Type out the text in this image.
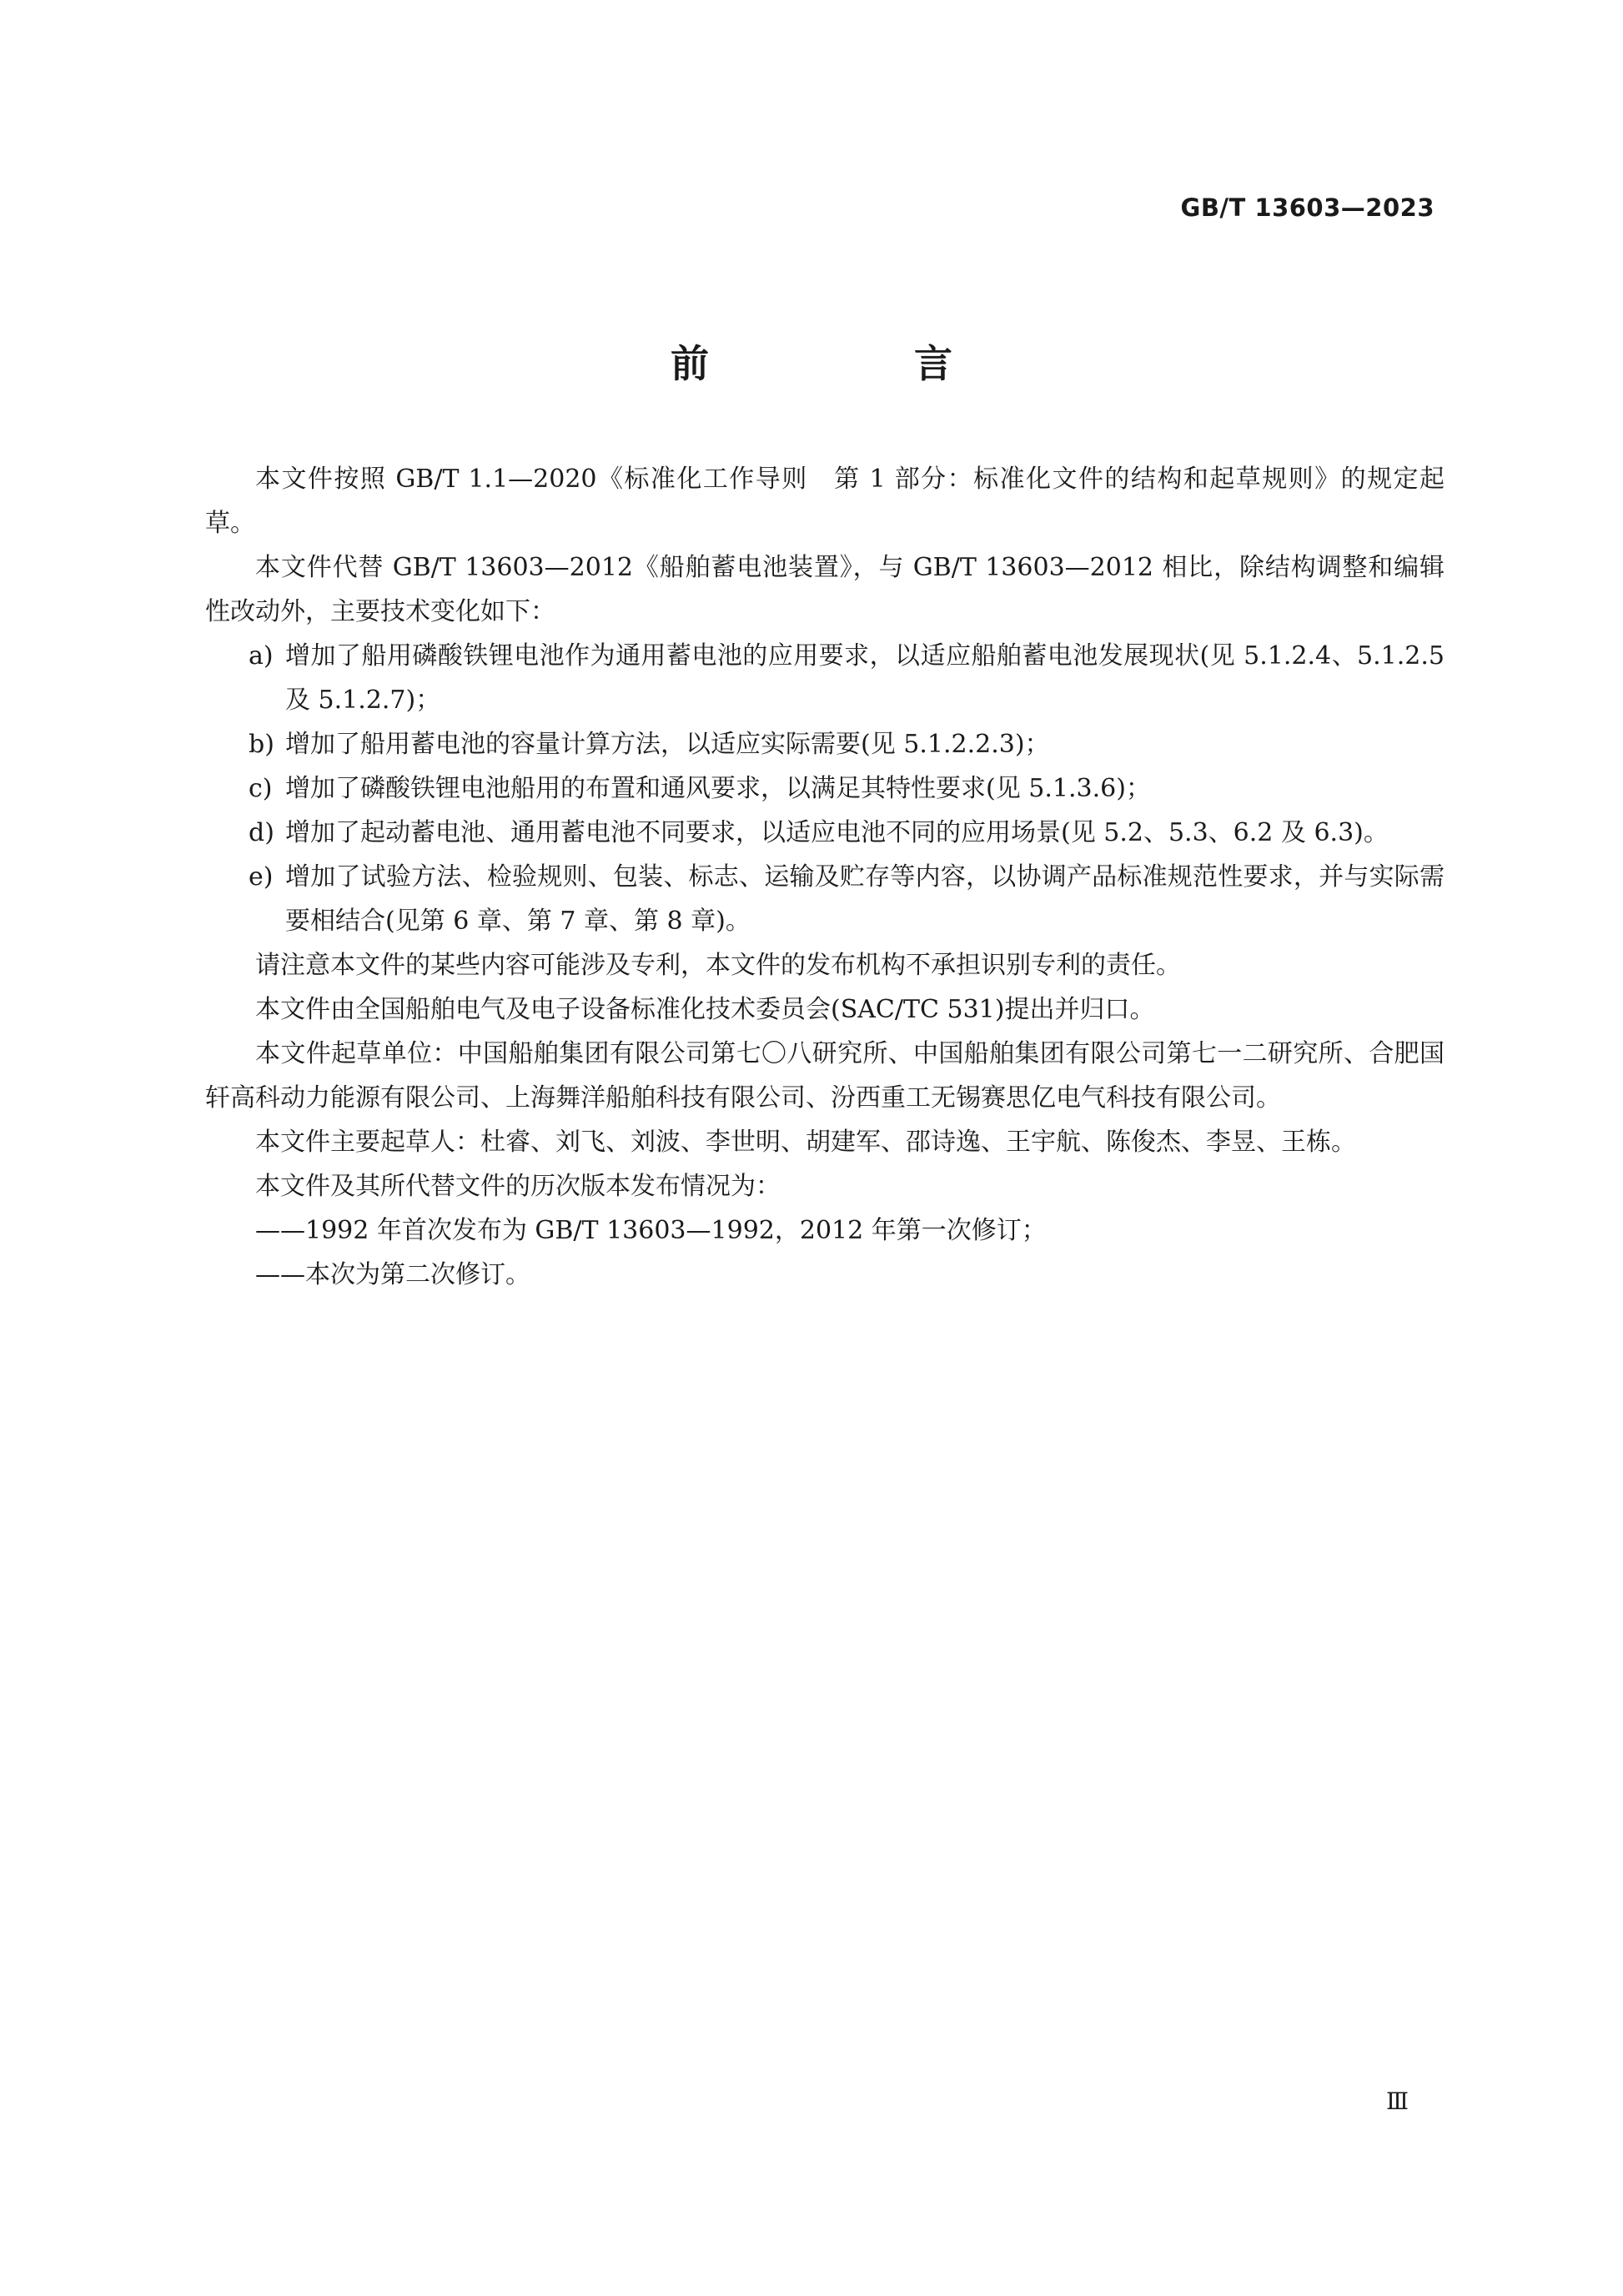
GB/T 13603—2023
前　言

本文件按照 GB/T 1.1—2020《标准化工作导则　第 1 部分：标准化文件的结构和起草规则》的规定起草。

本文件代替 GB/T 13603—2012《船舶蓄电池装置》，与 GB/T 13603—2012 相比，除结构调整和编辑性改动外，主要技术变化如下：

a) 增加了船用磷酸铁锂电池作为通用蓄电池的应用要求，以适应船舶蓄电池发展现状(见 5.1.2.4、5.1.2.5 及 5.1.2.7)；
b) 增加了船用蓄电池的容量计算方法，以适应实际需要(见 5.1.2.2.3)；
c) 增加了磷酸铁锂电池船用的布置和通风要求，以满足其特性要求(见 5.1.3.6)；
d) 增加了起动蓄电池、通用蓄电池不同要求，以适应电池不同的应用场景(见 5.2、5.3、6.2 及 6.3)。
e) 增加了试验方法、检验规则、包装、标志、运输及贮存等内容，以协调产品标准规范性要求，并与实际需要相结合(见第 6 章、第 7 章、第 8 章)。

请注意本文件的某些内容可能涉及专利，本文件的发布机构不承担识别专利的责任。

本文件由全国船舶电气及电子设备标准化技术委员会(SAC/TC 531)提出并归口。

本文件起草单位：中国船舶集团有限公司第七〇八研究所、中国船舶集团有限公司第七一二研究所、合肥国轩高科动力能源有限公司、上海舞洋船舶科技有限公司、汾西重工无锡赛思亿电气科技有限公司。

本文件主要起草人：杜睿、刘飞、刘波、李世明、胡建军、邵诗逸、王宇航、陈俊杰、李昱、王栋。

本文件及其所代替文件的历次版本发布情况为：

——1992 年首次发布为 GB/T 13603—1992，2012 年第一次修订；

——本次为第二次修订。

Ⅲ
